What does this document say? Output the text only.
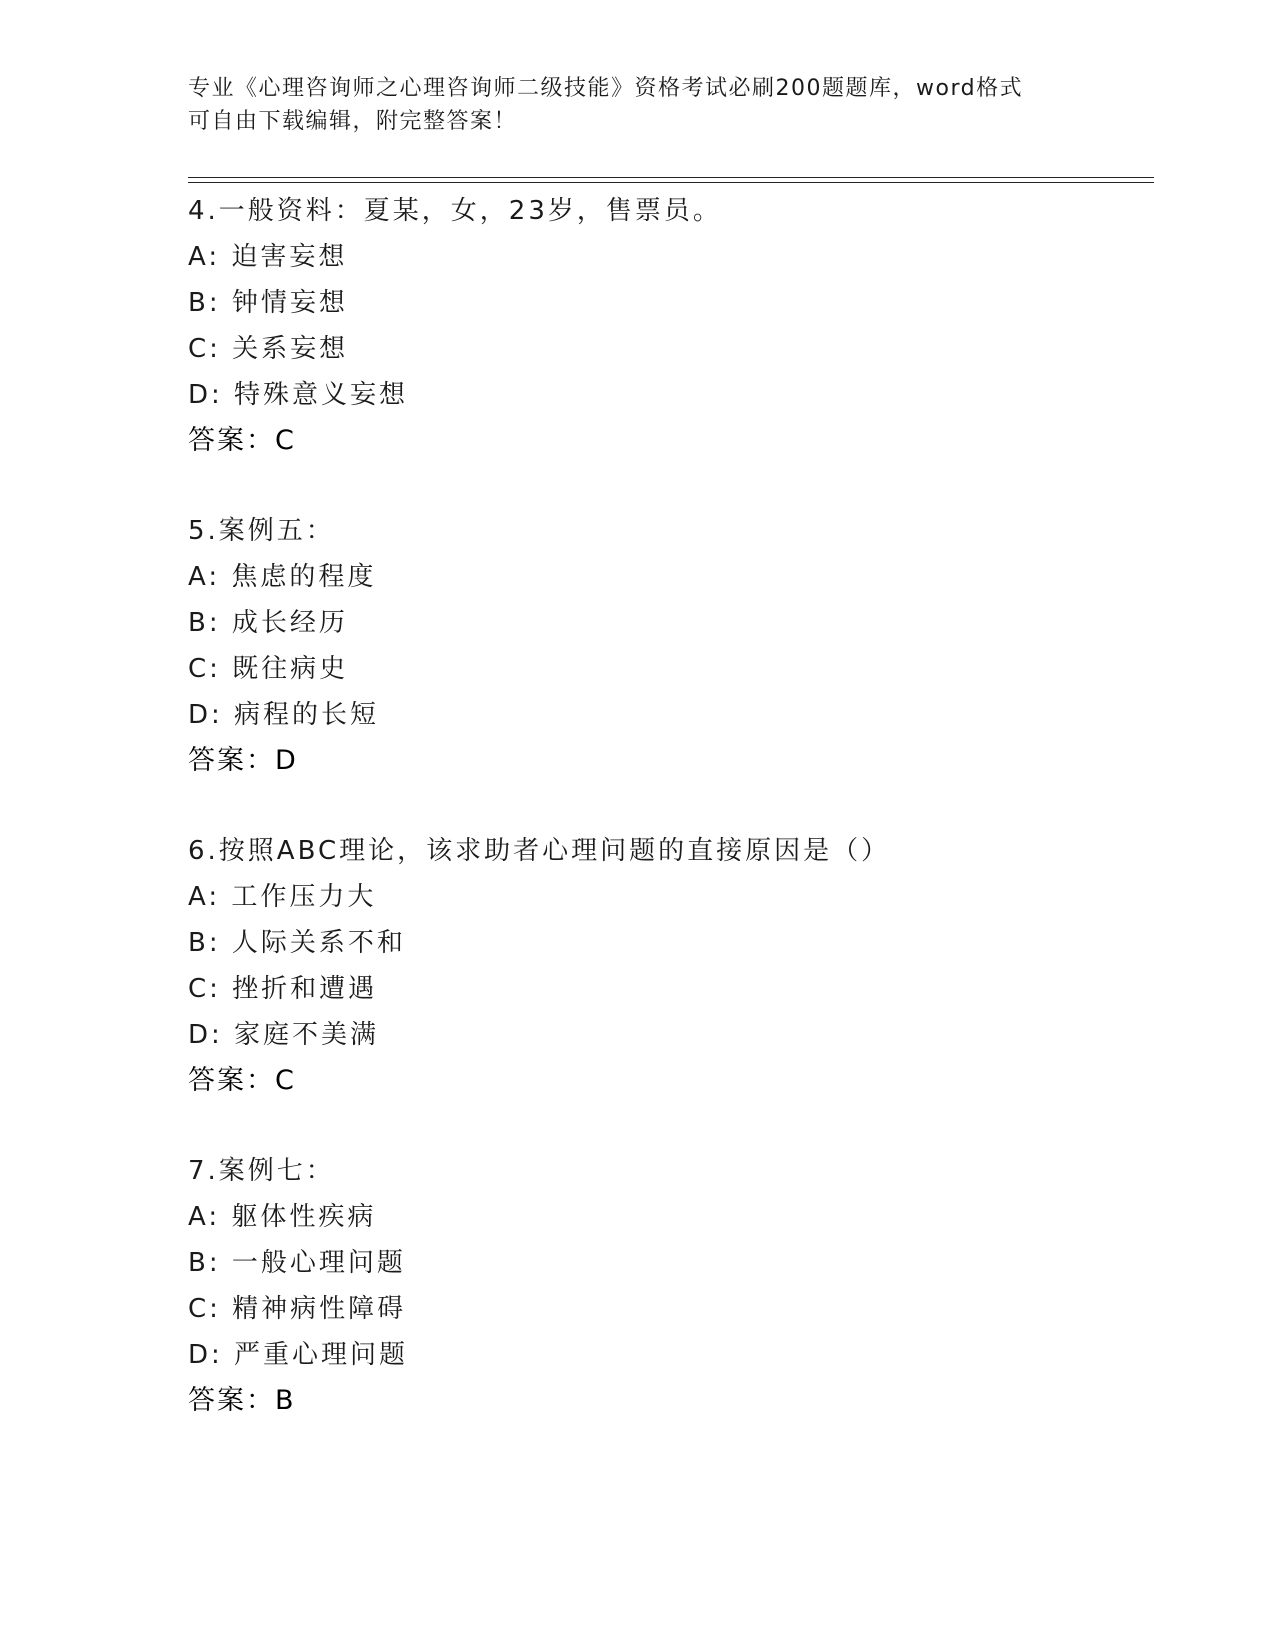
专业《心理咨询师之心理咨询师二级技能》资格考试必刷200题题库，word格式
可自由下载编辑，附完整答案！
4.一般资料：夏某，女，23岁，售票员。
A: 迫害妄想
B: 钟情妄想
C: 关系妄想
D: 特殊意义妄想
答案：C
5.案例五：
A: 焦虑的程度
B: 成长经历
C: 既往病史
D: 病程的长短
答案：D
6.按照ABC理论，该求助者心理问题的直接原因是（）
A: 工作压力大
B: 人际关系不和
C: 挫折和遭遇
D: 家庭不美满
答案：C
7.案例七：
A: 躯体性疾病
B: 一般心理问题
C: 精神病性障碍
D: 严重心理问题
答案：B
